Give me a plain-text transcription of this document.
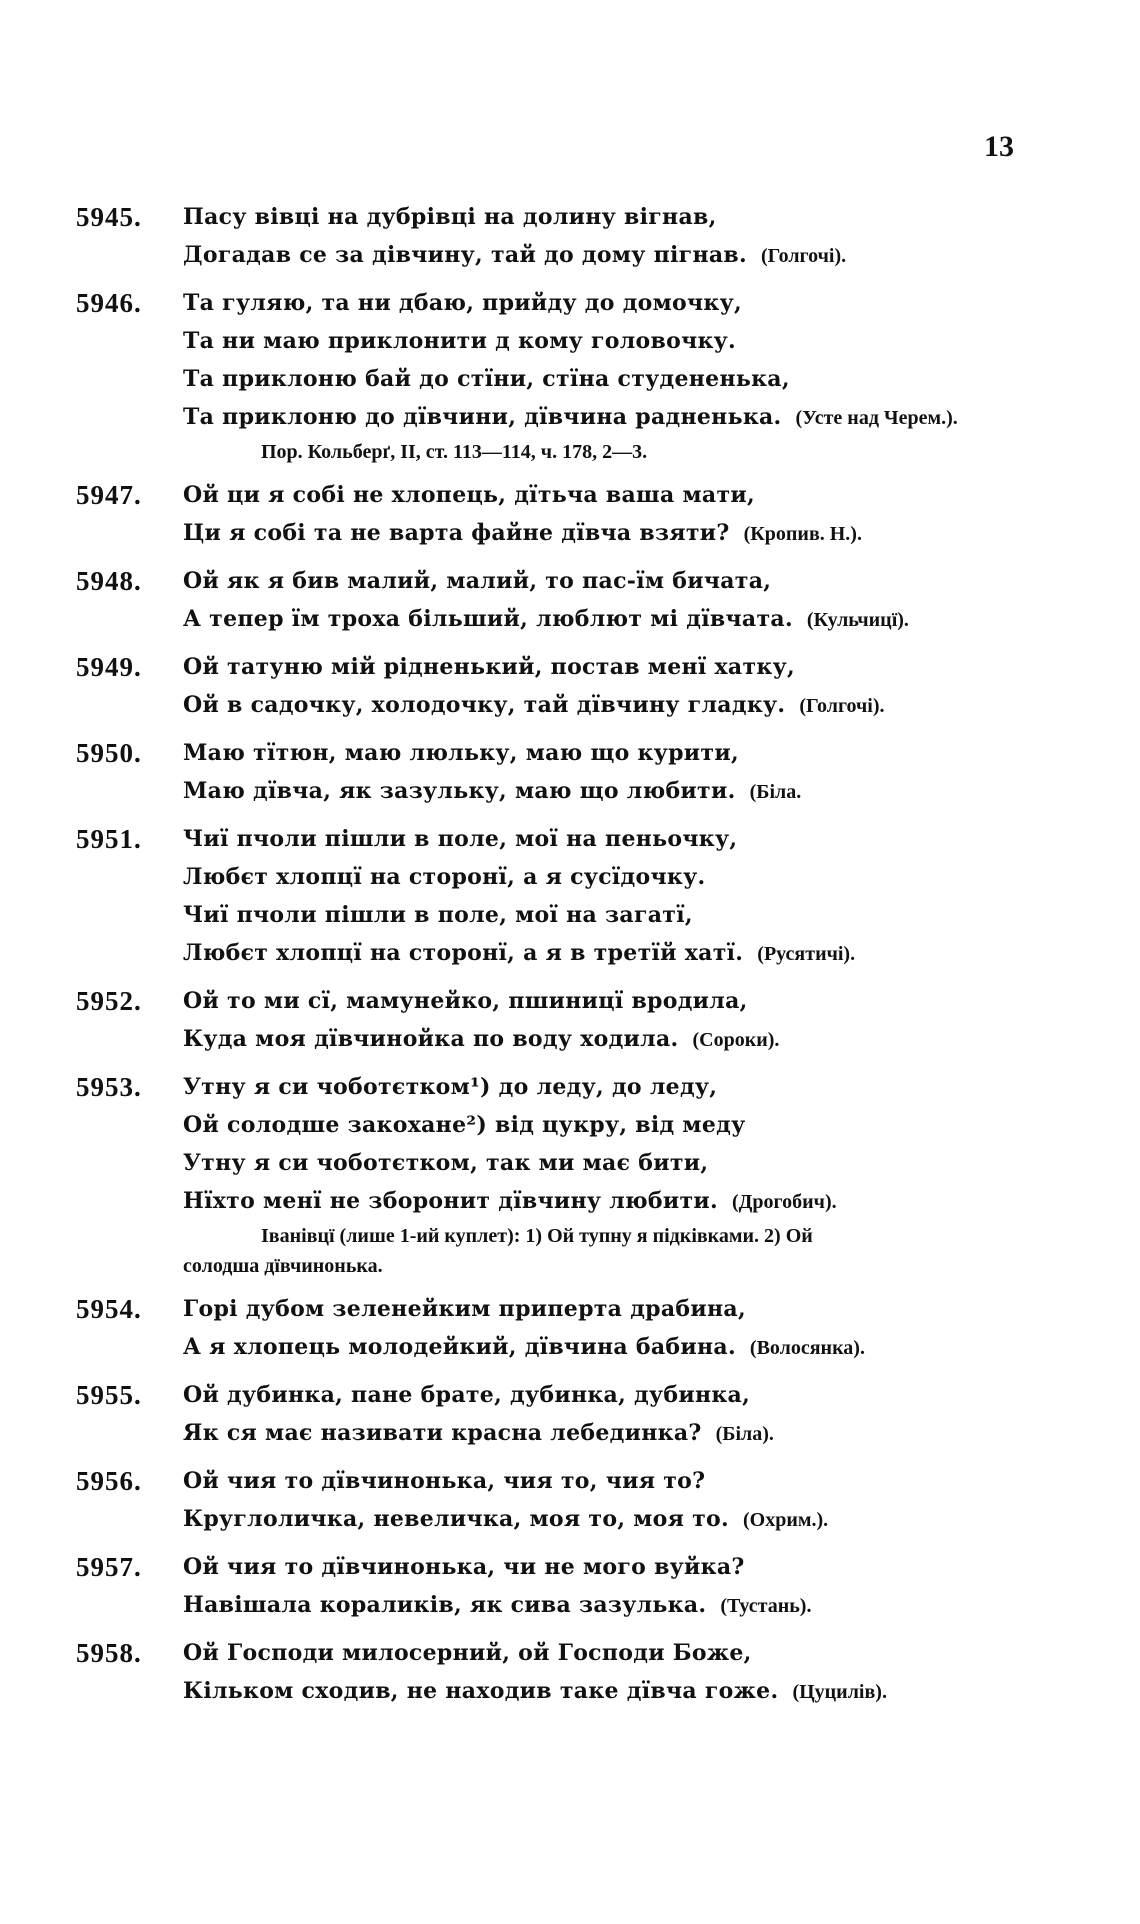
13
5945. Пасу вівці на дубрівці на долину вігнав,
Догадав се за дівчину, тай до дому пігнав. (Голгочі).
5946. Та гуляю, та ни дбаю, прийду до домочку,
Та ни маю приклонити д кому головочку.
Та приклоню бай до стїни, стїна студененька,
Та приклоню до дївчини, дївчина радненька. (Усте над Черем.).
Пор. Кольберґ, II, ст. 113—114, ч. 178, 2—3.
5947. Ой ци я собі не хлопець, дїтьча ваша мати,
Ци я собі та не варта файне дївча взяти? (Кропив. Н.).
5948. Ой як я бив малий, малий, то пас-їм бичата,
А тепер їм троха більший, люблют мі дївчата. (Кульчицї).
5949. Ой татуню мій рідненький, постав менї хатку,
Ой в садочку, холодочку, тай дївчину гладку. (Голгочі).
5950. Маю тїтюн, маю люльку, маю що курити,
Маю дївча, як зазульку, маю що любити. (Біла.
5951. Чиї пчоли пішли в поле, мої на пеньочку,
Любєт хлопцї на сторонї, а я сусїдочку.
Чиї пчоли пішли в поле, мої на загатї,
Любєт хлопцї на сторонї, а я в третїй хатї. (Русятичі).
5952. Ой то ми сї, мамунейко, пшиницї вродила,
Куда моя дївчинойка по воду ходила. (Сороки).
5953. Утну я си чоботєтком¹) до леду, до леду,
Ой солодше закохане²) від цукру, від меду
Утну я си чоботєтком, так ми має бити,
Нїхто менї не зборонит дївчину любити. (Дрогобич).
Іванівцї (лише 1-ий куплет): 1) Ой тупну я підківками. 2) Ой
солодша дївчинонька.
5954. Горі дубом зеленейким приперта драбина,
А я хлопець молодейкий, дївчина бабина. (Волосянка).
5955. Ой дубинка, пане брате, дубинка, дубинка,
Як ся має називати красна лебединка? (Біла).
5956. Ой чия то дївчинонька, чия то, чия то?
Круглоличка, невеличка, моя то, моя то. (Охрим.).
5957. Ой чия то дївчинонька, чи не мого вуйка?
Навішала кораликів, як сива зазулька. (Тустань).
5958. Ой Господи милосерний, ой Господи Боже,
Кільком сходив, не находив таке дївча гоже. (Цуцилів).
